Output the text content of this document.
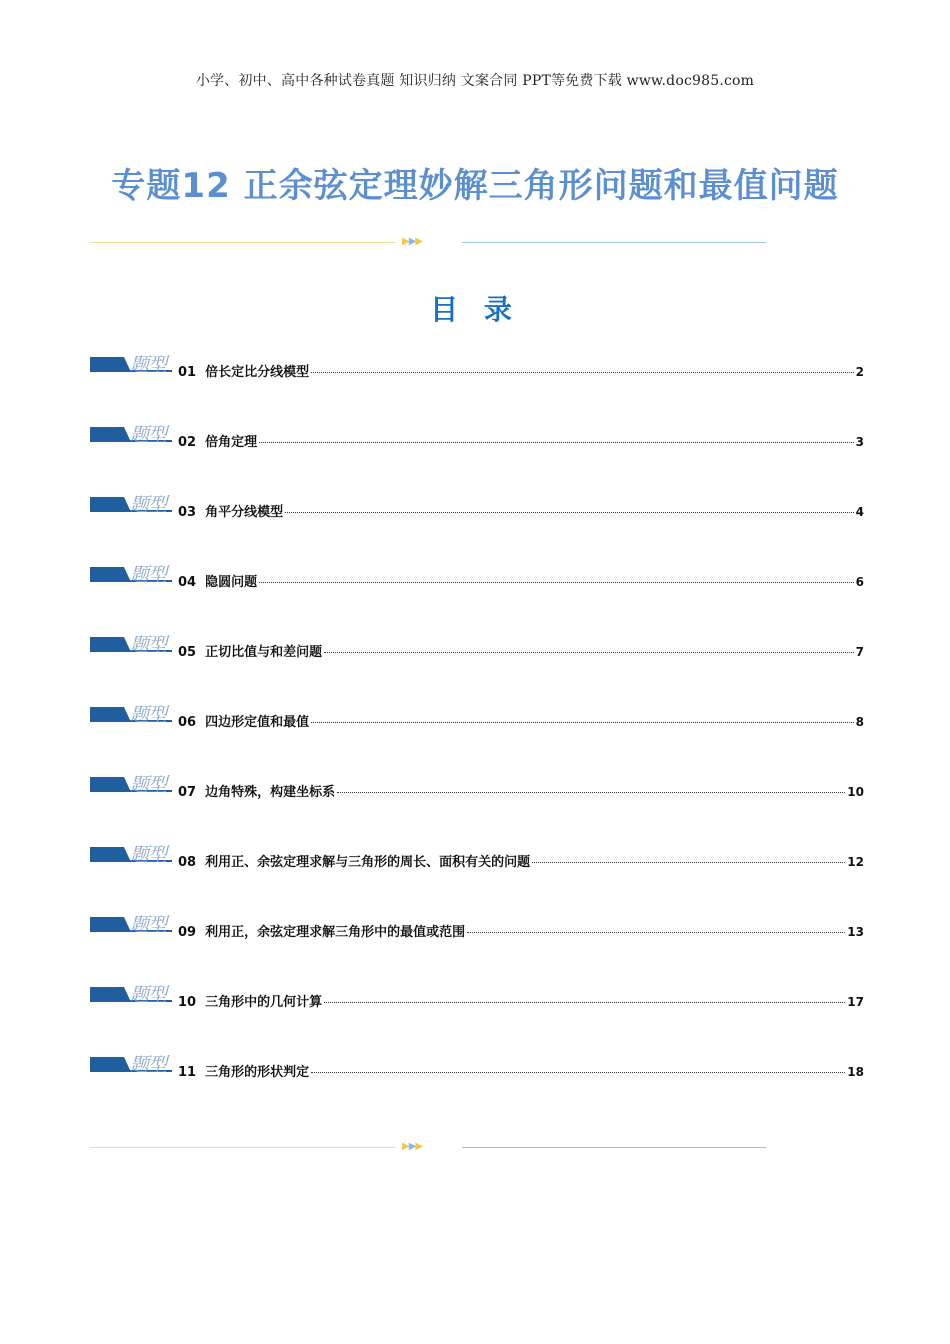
小学、初中、高中各种试卷真题 知识归纳 文案合同 PPT等免费下载 www.doc985.com
专题12 正余弦定理妙解三角形问题和最值问题
▶▶▶
目 录
题型 01 倍长定比分线模型	2
题型 02 倍角定理	3
题型 03 角平分线模型	4
题型 04 隐圆问题	6
题型 05 正切比值与和差问题	7
题型 06 四边形定值和最值	8
题型 07 边角特殊，构建坐标系	10
题型 08 利用正、余弦定理求解与三角形的周长、面积有关的问题	12
题型 09 利用正，余弦定理求解三角形中的最值或范围	13
题型 10 三角形中的几何计算	17
题型 11 三角形的形状判定	18
▶▶▶
